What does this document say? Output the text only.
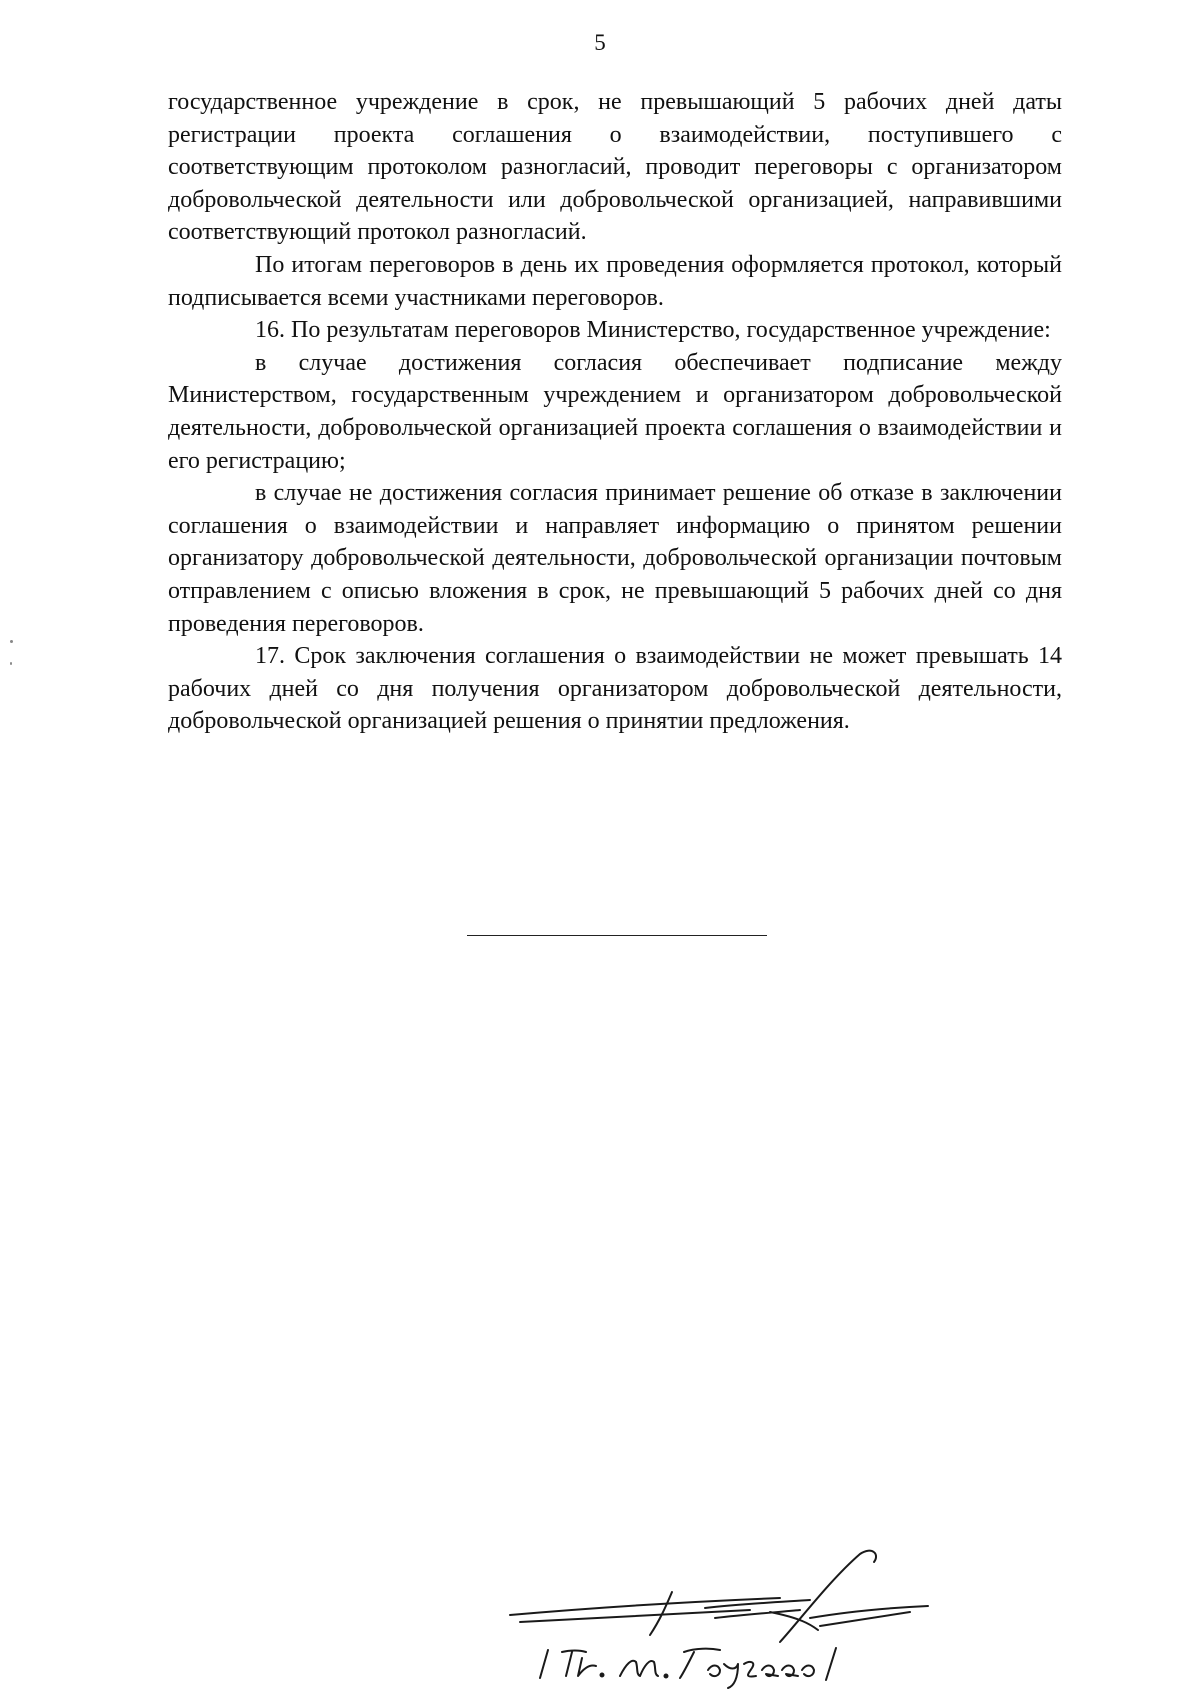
5

государственное учреждение в срок, не превышающий 5 рабочих дней даты регистрации проекта соглашения о взаимодействии, поступившего с соответствующим протоколом разногласий, проводит переговоры с организатором добровольческой деятельности или добровольческой организацией, направившими соответствующий протокол разногласий.

По итогам переговоров в день их проведения оформляется протокол, который подписывается всеми участниками переговоров.

16. По результатам переговоров Министерство, государственное учреждение:

в случае достижения согласия обеспечивает подписание между Министерством, государственным учреждением и организатором добровольческой деятельности, добровольческой организацией проекта соглашения о взаимодействии и его регистрацию;

в случае не достижения согласия принимает решение об отказе в заключении соглашения о взаимодействии и направляет информацию о принятом решении организатору добровольческой деятельности, добровольческой организации почтовым отправлением с описью вложения в срок, не превышающий 5 рабочих дней со дня проведения переговоров.

17. Срок заключения соглашения о взаимодействии не может превышать 14 рабочих дней со дня получения организатором добровольческой деятельности, добровольческой организацией решения о принятии предложения.
